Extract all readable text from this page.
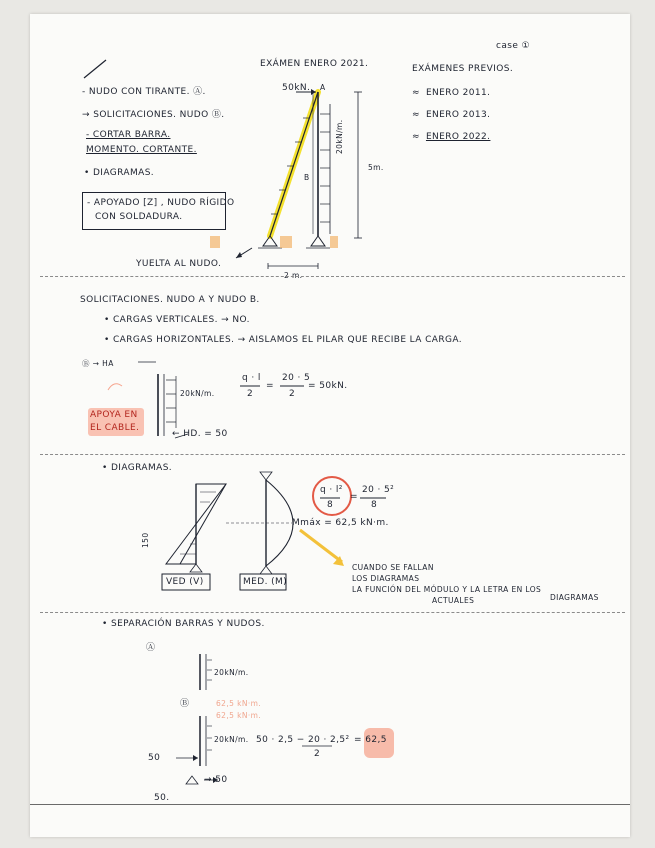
case ①
EXÁMEN ENERO 2021.	EXÁMENES PREVIOS.
≈ ENERO 2011.
≈ ENERO 2013.
≈ ENERO 2022.
- NUDO CON TIRANTE. Ⓐ.
→ SOLICITACIONES. NUDO Ⓑ.
- CORTAR BARRA.
MOMENTO. CORTANTE.
• DIAGRAMAS.
- APOYADO [Z] , NUDO RÍGIDO
CON SOLDADURA.
50kN. A
B
5m.
20kN/m.
YUELTA AL NUDO.
2 m.
SOLICITACIONES. NUDO A Y NUDO B.
• CARGAS VERTICALES. → NO.
• CARGAS HORIZONTALES. → AISLAMOS EL PILAR QUE RECIBE LA CARGA.
Ⓑ → HA
20kN/m.
q · l
2
=
20 · 5
2
= 50kN.
APOYA EN
EL CABLE.
← HD. = 50
• DIAGRAMAS.
150
VED (V)	MED. (M)
q · l²
8
=
20 · 5²
8
Mmáx = 62,5 kN·m.
CUANDO SE FALLAN
LOS DIAGRAMAS
LA FUNCIÓN DEL MÓDULO Y LA LETRA EN LOS
ACTUALES	DIAGRAMAS
• SEPARACIÓN BARRAS Y NUDOS.
Ⓐ
20kN/m.
Ⓑ	62,5 kN·m.
62,5 kN·m.
20kN/m. 50 · 2,5 − 20 · 2,5²
2
= 62,5
50
→ 50
50.
